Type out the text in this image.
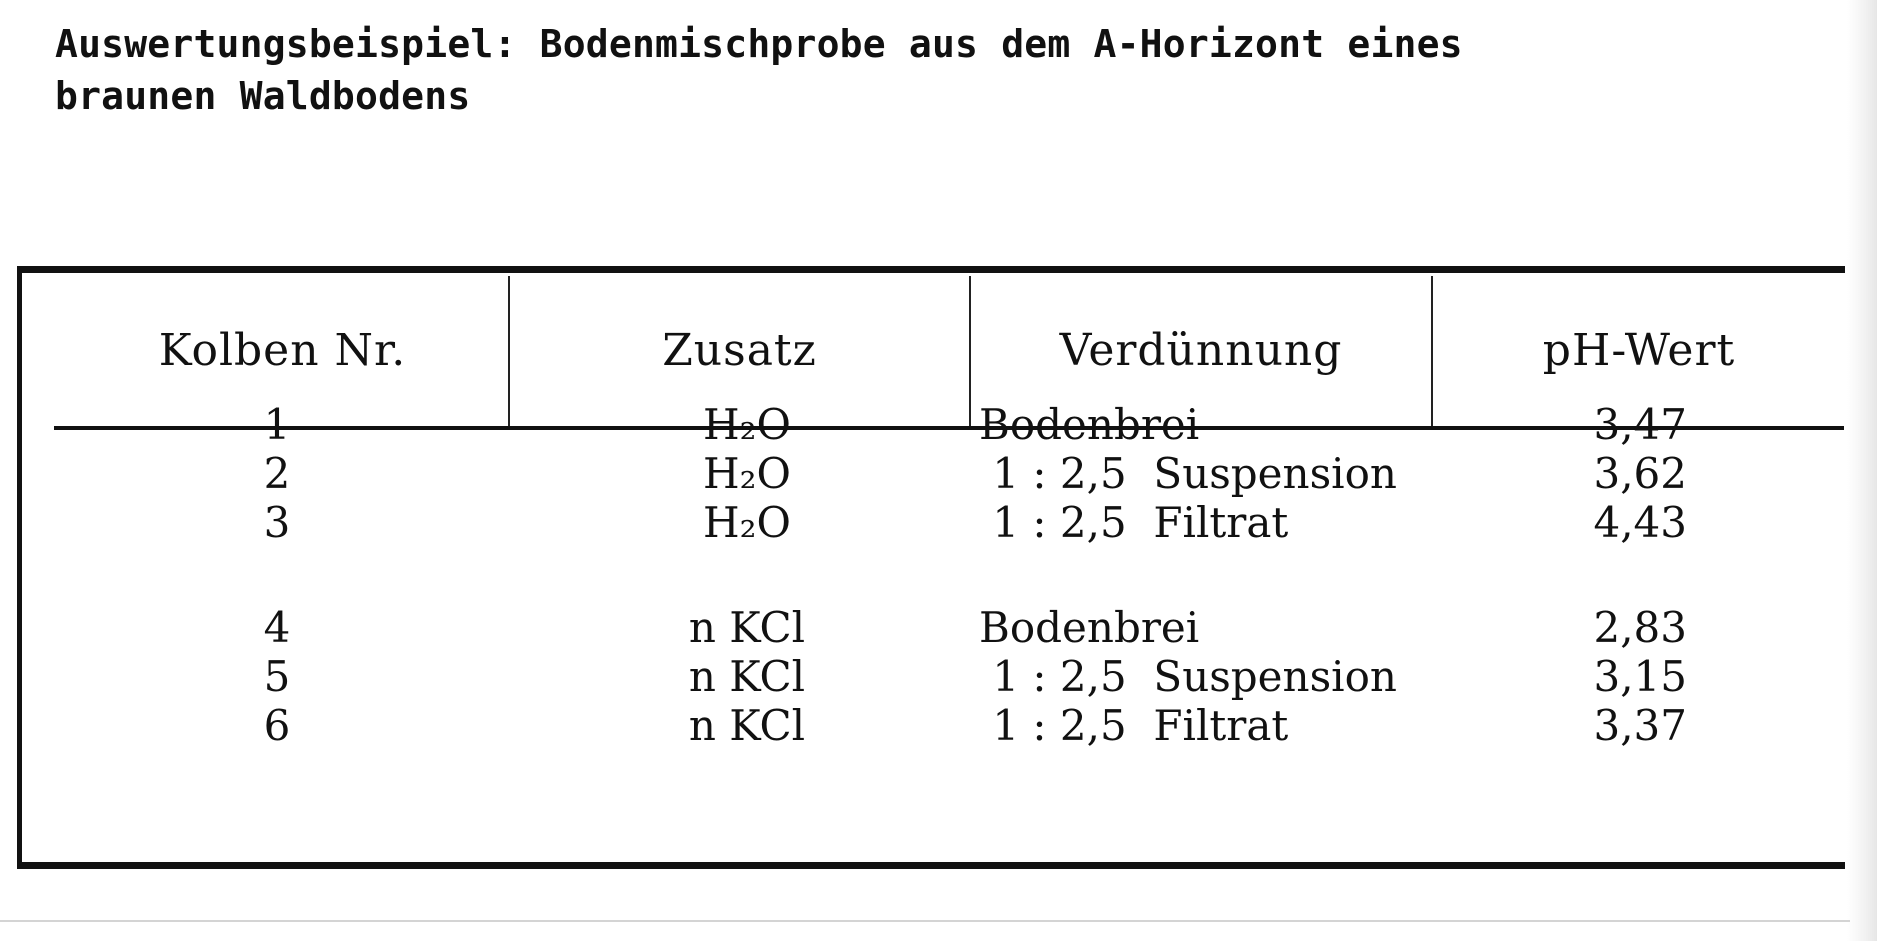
Auswertungsbeispiel: Bodenmischprobe aus dem A-Horizont eines
braunen Waldbodens
Kolben Nr.	Zusatz	Verdünnung	pH-Wert
1	H₂O	Bodenbrei	3,47
2	H₂O	1 : 2,5  Suspension	3,62
3	H₂O	1 : 2,5  Filtrat	4,43
4	n KCl	Bodenbrei	2,83
5	n KCl	1 : 2,5  Suspension	3,15
6	n KCl	1 : 2,5  Filtrat	3,37
